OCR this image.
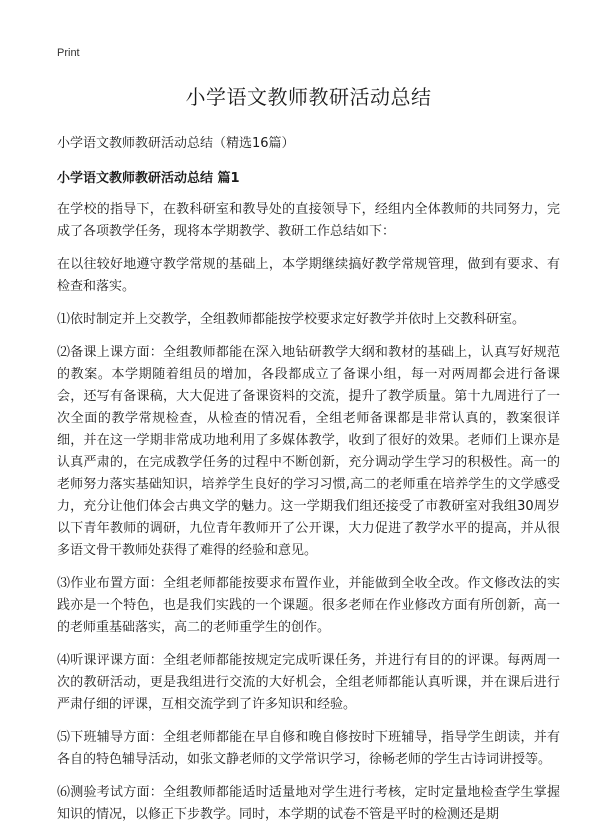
Print
小学语文教师教研活动总结

小学语文教师教研活动总结（精选16篇）

小学语文教师教研活动总结 篇1

在学校的指导下，在教科研室和教导处的直接领导下，经组内全体教师的共同努力，完成了各项教学任务，现将本学期教学、教研工作总结如下：

在以往较好地遵守教学常规的基础上，本学期继续搞好教学常规管理，做到有要求、有检查和落实。

⑴依时制定并上交教学，全组教师都能按学校要求定好教学并依时上交教科研室。

⑵备课上课方面：全组教师都能在深入地钻研教学大纲和教材的基础上，认真写好规范的教案。本学期随着组员的增加，各段都成立了备课小组，每一对两周都会进行备课会，还写有备课稿，大大促进了备课资料的交流，提升了教学质量。第十九周进行了一次全面的教学常规检查，从检查的情况看，全组老师备课都是非常认真的，教案很详细，并在这一学期非常成功地利用了多媒体教学，收到了很好的效果。老师们上课亦是认真严肃的，在完成教学任务的过程中不断创新，充分调动学生学习的积极性。高一的老师努力落实基础知识，培养学生良好的学习习惯,高二的老师重在培养学生的文学感受力，充分让他们体会古典文学的魅力。这一学期我们组还接受了市教研室对我组30周岁以下青年教师的调研，九位青年教师开了公开课，大力促进了教学水平的提高，并从很多语文骨干教师处获得了难得的经验和意见。

⑶作业布置方面：全组老师都能按要求布置作业，并能做到全收全改。作文修改法的实践亦是一个特色，也是我们实践的一个课题。很多老师在作业修改方面有所创新，高一的老师重基础落实，高二的老师重学生的创作。

⑷听课评课方面：全组老师都能按规定完成听课任务，并进行有目的的评课。每两周一次的教研活动，更是我组进行交流的大好机会，全组老师都能认真听课，并在课后进行严肃仔细的评课，互相交流学到了许多知识和经验。

⑸下班辅导方面：全组老师都能在早自修和晚自修按时下班辅导，指导学生朗读，并有各自的特色辅导活动，如张文静老师的文学常识学习，徐畅老师的学生古诗词讲授等。

⑹测验考试方面：全组教师都能适时适量地对学生进行考核，定时定量地检查学生掌握知识的情况，以修正下步教学。同时，本学期的试卷不管是平时的检测还是期
